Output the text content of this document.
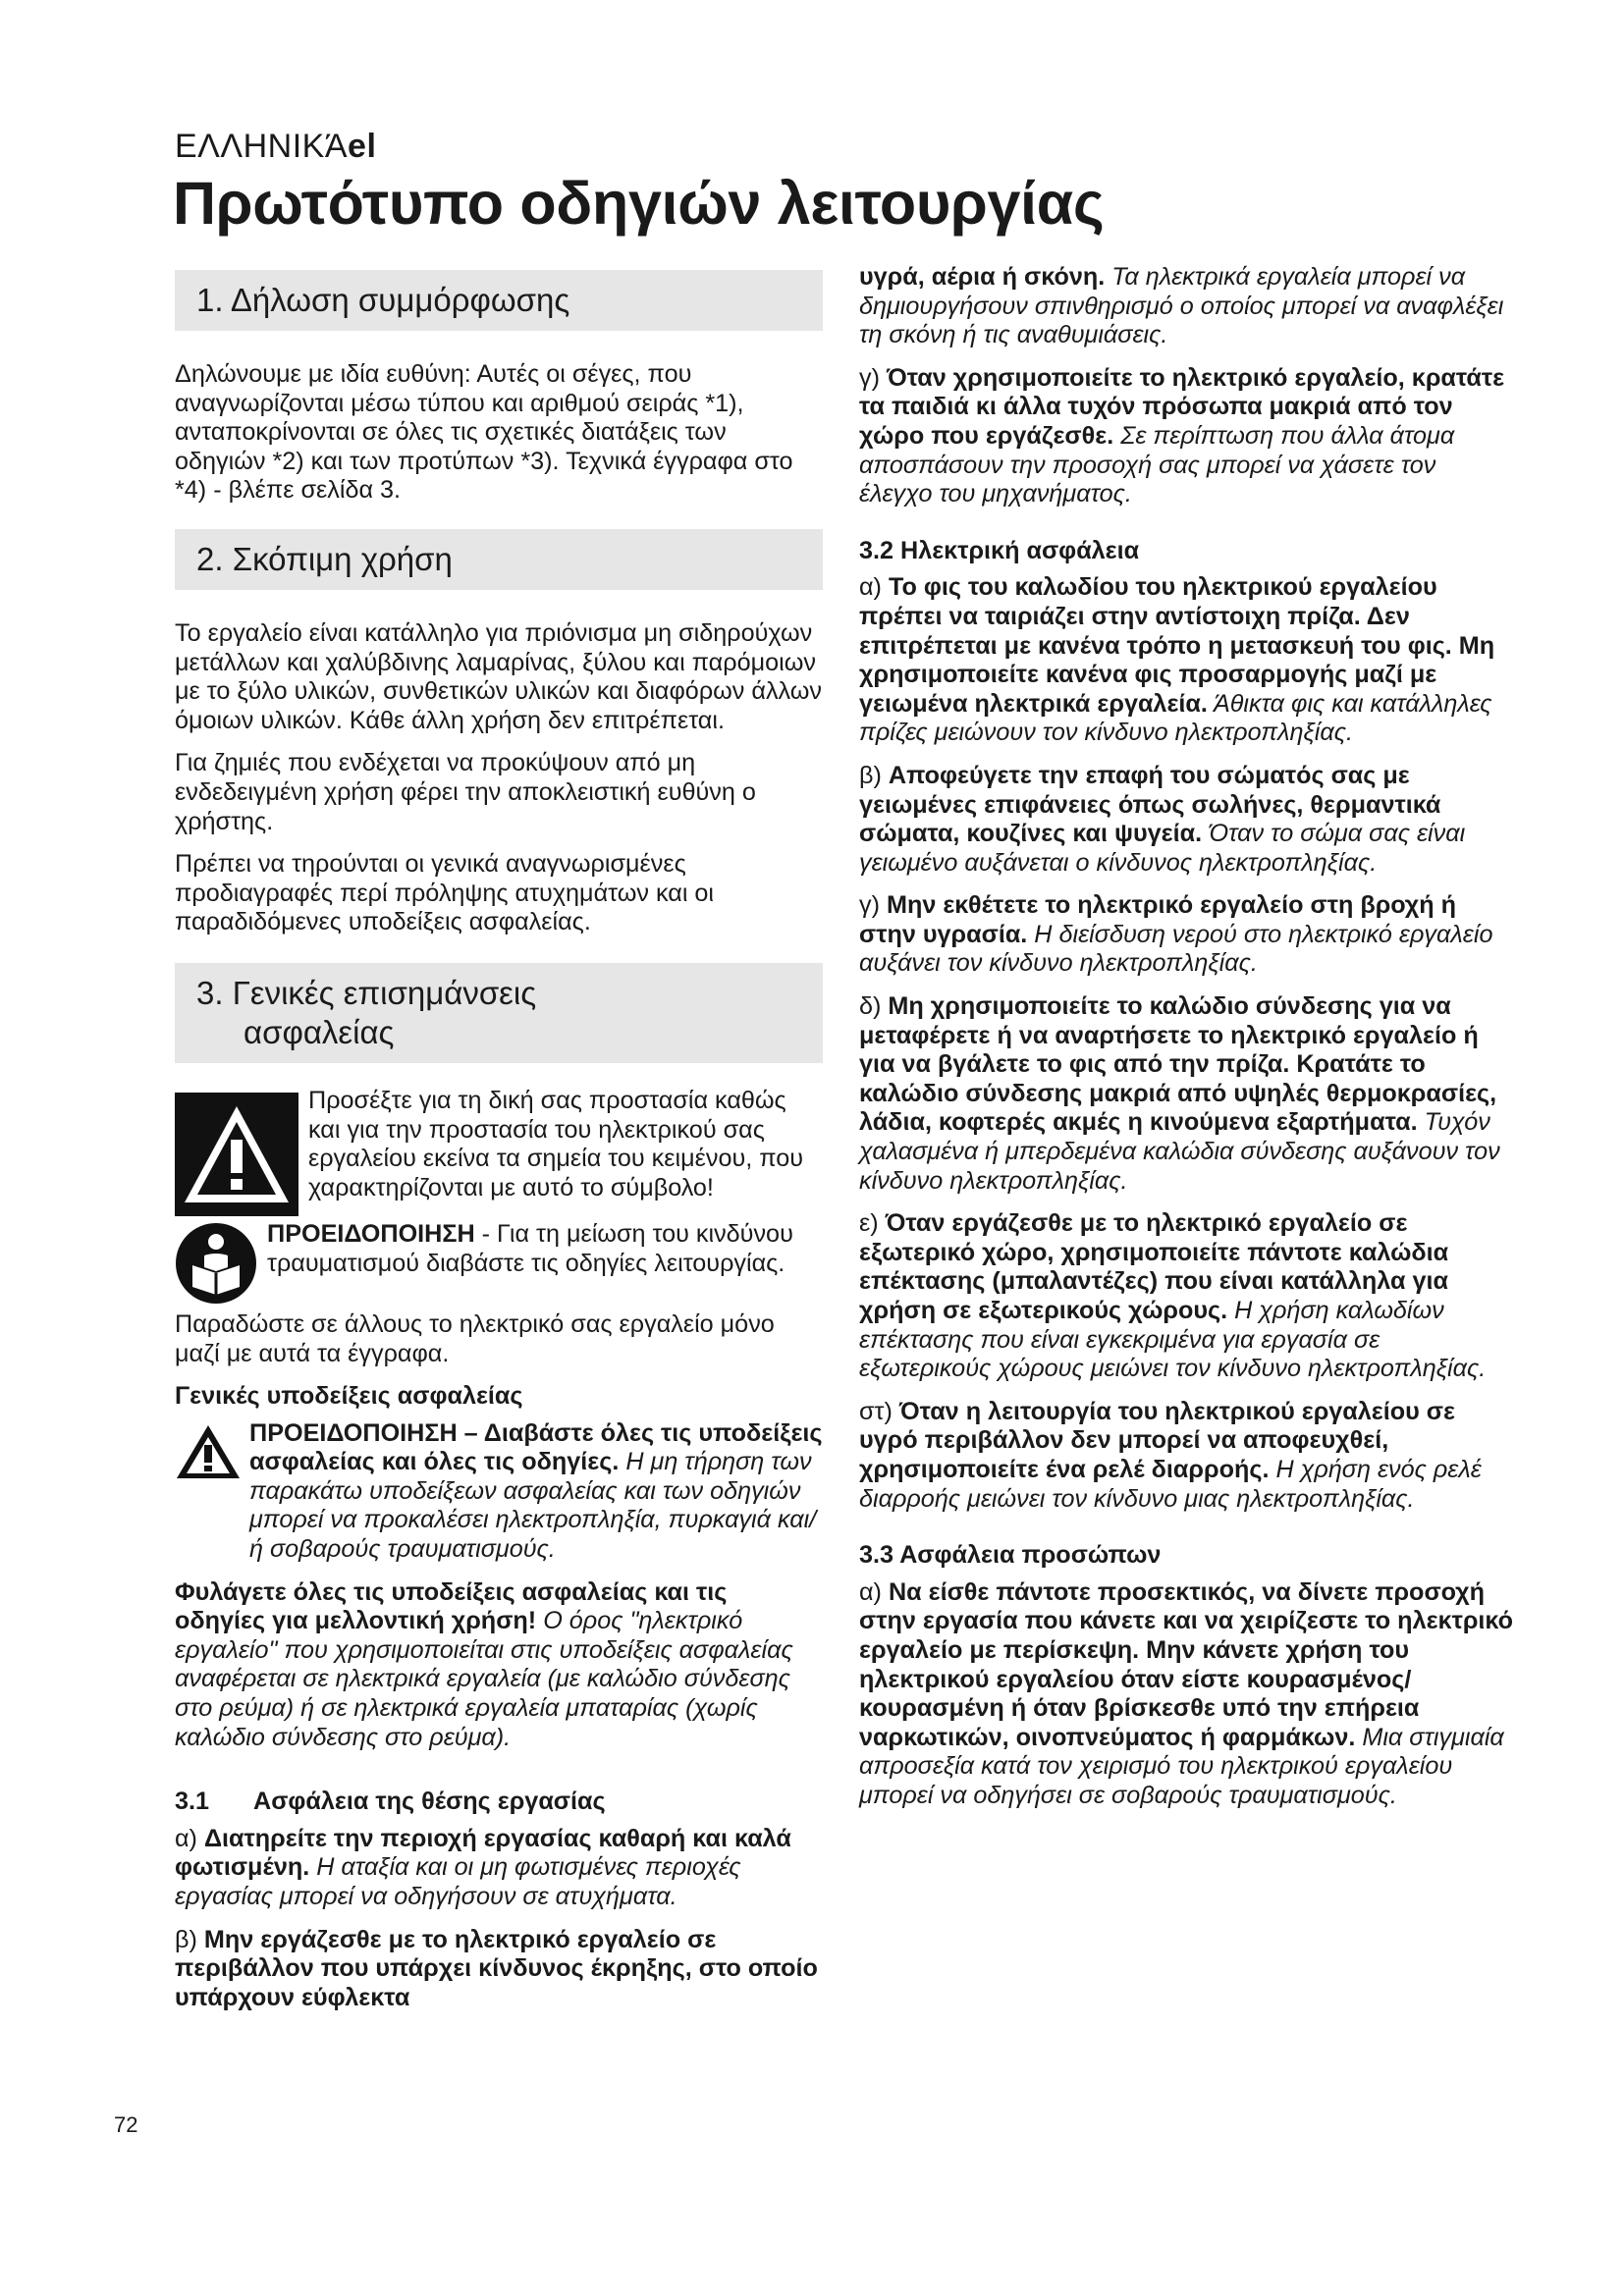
ΕΛΛΗΝΙΚΆel
Πρωτότυπο οδηγιών λειτουργίας
1. Δήλωση συμμόρφωσης

Δηλώνουμε με ιδία ευθύνη: Αυτές οι σέγες, που αναγνωρίζονται μέσω τύπου και αριθμού σειράς *1), ανταποκρίνονται σε όλες τις σχετικές διατάξεις των οδηγιών *2) και των προτύπων *3). Τεχνικά έγγραφα στο *4) - βλέπε σελίδα 3.

2. Σκόπιμη χρήση

Το εργαλείο είναι κατάλληλο για πριόνισμα μη σιδηρούχων μετάλλων και χαλύβδινης λαμαρίνας, ξύλου και παρόμοιων με το ξύλο υλικών, συνθετικών υλικών και διαφόρων άλλων όμοιων υλικών. Κάθε άλλη χρήση δεν επιτρέπεται.

Για ζημιές που ενδέχεται να προκύψουν από μη ενδεδειγμένη χρήση φέρει την αποκλειστική ευθύνη ο χρήστης.

Πρέπει να τηρούνται οι γενικά αναγνωρισμένες προδιαγραφές περί πρόληψης ατυχημάτων και οι παραδιδόμενες υποδείξεις ασφαλείας.

3. Γενικές επισημάνσεις
ασφαλείας

Προσέξτε για τη δική σας προστασία καθώς και για την προστασία του ηλεκτρικού σας εργαλείου εκείνα τα σημεία του κειμένου, που χαρακτηρίζονται με αυτό το σύμβολο!

ΠΡΟΕΙΔΟΠΟΙΗΣΗ - Για τη μείωση του κινδύνου τραυματισμού διαβάστε τις οδηγίες λειτουργίας.

Παραδώστε σε άλλους το ηλεκτρικό σας εργαλείο μόνο μαζί με αυτά τα έγγραφα.

Γενικές υποδείξεις ασφαλείας

ΠΡΟΕΙΔΟΠΟΙΗΣΗ – Διαβάστε όλες τις υποδείξεις ασφαλείας και όλες τις οδηγίες. Η μη τήρηση των παρακάτω υποδείξεων ασφαλείας και των οδηγιών μπορεί να προκαλέσει ηλεκτροπληξία, πυρκαγιά και/ή σοβαρούς τραυματισμούς.

Φυλάγετε όλες τις υποδείξεις ασφαλείας και τις οδηγίες για μελλοντική χρήση! Ο όρος "ηλεκτρικό εργαλείο" που χρησιμοποιείται στις υποδείξεις ασφαλείας αναφέρεται σε ηλεκτρικά εργαλεία (με καλώδιο σύνδεσης στο ρεύμα) ή σε ηλεκτρικά εργαλεία μπαταρίας (χωρίς καλώδιο σύνδεσης στο ρεύμα).

3.1 Ασφάλεια της θέσης εργασίας

α) Διατηρείτε την περιοχή εργασίας καθαρή και καλά φωτισμένη. Η αταξία και οι μη φωτισμένες περιοχές εργασίας μπορεί να οδηγήσουν σε ατυχήματα.

β) Μην εργάζεσθε με το ηλεκτρικό εργαλείο σε περιβάλλον που υπάρχει κίνδυνος έκρηξης, στο οποίο υπάρχουν εύφλεκτα

υγρά, αέρια ή σκόνη. Τα ηλεκτρικά εργαλεία μπορεί να δημιουργήσουν σπινθηρισμό ο οποίος μπορεί να αναφλέξει τη σκόνη ή τις αναθυμιάσεις.

γ) Όταν χρησιμοποιείτε το ηλεκτρικό εργαλείο, κρατάτε τα παιδιά κι άλλα τυχόν πρόσωπα μακριά από τον χώρο που εργάζεσθε. Σε περίπτωση που άλλα άτομα αποσπάσουν την προσοχή σας μπορεί να χάσετε τον έλεγχο του μηχανήματος.

3.2 Ηλεκτρική ασφάλεια

α) Το φις του καλωδίου του ηλεκτρικού εργαλείου πρέπει να ταιριάζει στην αντίστοιχη πρίζα. Δεν επιτρέπεται με κανένα τρόπο η μετασκευή του φις. Μη χρησιμοποιείτε κανένα φις προσαρμογής μαζί με γειωμένα ηλεκτρικά εργαλεία. Άθικτα φις και κατάλληλες πρίζες μειώνουν τον κίνδυνο ηλεκτροπληξίας.

β) Αποφεύγετε την επαφή του σώματός σας με γειωμένες επιφάνειες όπως σωλήνες, θερμαντικά σώματα, κουζίνες και ψυγεία. Όταν το σώμα σας είναι γειωμένο αυξάνεται ο κίνδυνος ηλεκτροπληξίας.

γ) Μην εκθέτετε το ηλεκτρικό εργαλείο στη βροχή ή στην υγρασία. Η διείσδυση νερού στο ηλεκτρικό εργαλείο αυξάνει τον κίνδυνο ηλεκτροπληξίας.

δ) Μη χρησιμοποιείτε το καλώδιο σύνδεσης για να μεταφέρετε ή να αναρτήσετε το ηλεκτρικό εργαλείο ή για να βγάλετε το φις από την πρίζα. Κρατάτε το καλώδιο σύνδεσης μακριά από υψηλές θερμοκρασίες, λάδια, κοφτερές ακμές η κινούμενα εξαρτήματα. Τυχόν χαλασμένα ή μπερδεμένα καλώδια σύνδεσης αυξάνουν τον κίνδυνο ηλεκτροπληξίας.

ε) Όταν εργάζεσθε με το ηλεκτρικό εργαλείο σε εξωτερικό χώρο, χρησιμοποιείτε πάντοτε καλώδια επέκτασης (μπαλαντέζες) που είναι κατάλληλα για χρήση σε εξωτερικούς χώρους. Η χρήση καλωδίων επέκτασης που είναι εγκεκριμένα για εργασία σε εξωτερικούς χώρους μειώνει τον κίνδυνο ηλεκτροπληξίας.

στ) Όταν η λειτουργία του ηλεκτρικού εργαλείου σε υγρό περιβάλλον δεν μπορεί να αποφευχθεί, χρησιμοποιείτε ένα ρελέ διαρροής. Η χρήση ενός ρελέ διαρροής μειώνει τον κίνδυνο μιας ηλεκτροπληξίας.

3.3 Ασφάλεια προσώπων

α) Να είσθε πάντοτε προσεκτικός, να δίνετε προσοχή στην εργασία που κάνετε και να χειρίζεστε το ηλεκτρικό εργαλείο με περίσκεψη. Μην κάνετε χρήση του ηλεκτρικού εργαλείου όταν είστε κουρασμένος/κουρασμένη ή όταν βρίσκεσθε υπό την επήρεια ναρκωτικών, οινοπνεύματος ή φαρμάκων. Μια στιγμιαία απροσεξία κατά τον χειρισμό του ηλεκτρικού εργαλείου μπορεί να οδηγήσει σε σοβαρούς τραυματισμούς.

72
